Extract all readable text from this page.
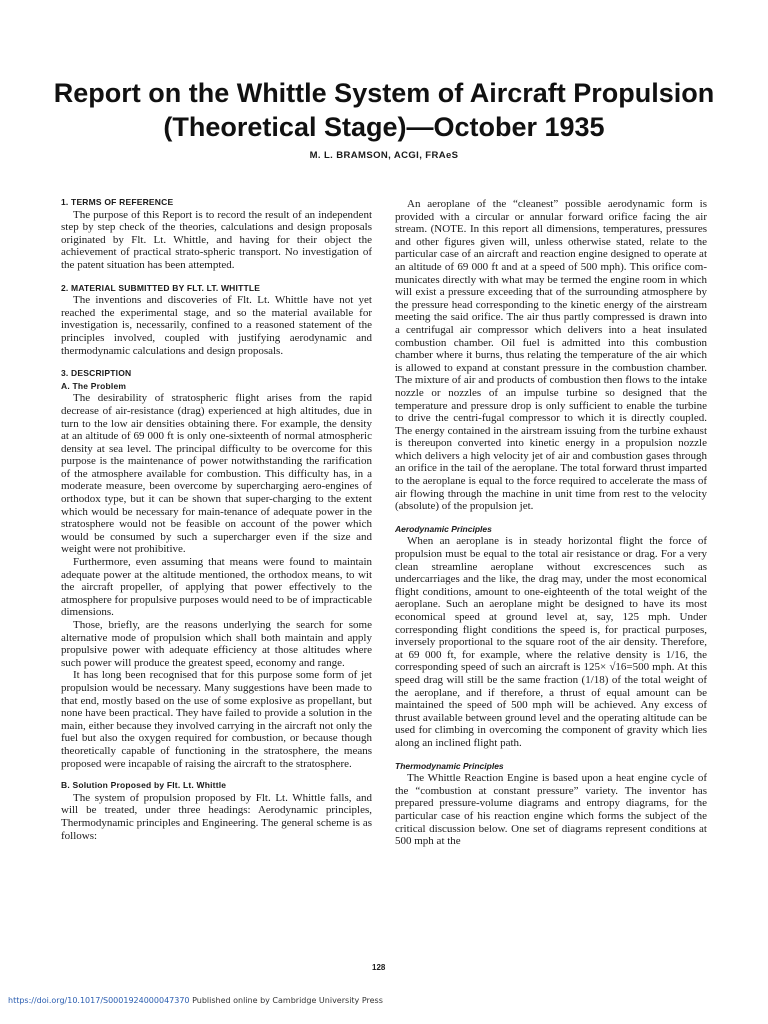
Report on the Whittle System of Aircraft Propulsion (Theoretical Stage)—October 1935

M. L. BRAMSON, ACGI, FRAeS

1. TERMS OF REFERENCE

The purpose of this Report is to record the result of an independent step by step check of the theories, calculations and design proposals originated by Flt. Lt. Whittle, and having for their object the achievement of practical strato-spheric transport. No investigation of the patent situation has been attempted.

2. MATERIAL SUBMITTED BY FLT. LT. WHITTLE

The inventions and discoveries of Flt. Lt. Whittle have not yet reached the experimental stage, and so the material available for investigation is, necessarily, confined to a reasoned statement of the principles involved, coupled with justifying aerodynamic and thermodynamic calculations and design proposals.

3. DESCRIPTION
A. The Problem

The desirability of stratospheric flight arises from the rapid decrease of air-resistance (drag) experienced at high altitudes, due in turn to the low air densities obtaining there. For example, the density at an altitude of 69 000 ft is only one-sixteenth of normal atmospheric density at sea level. The principal difficulty to be overcome for this purpose is the maintenance of power notwithstanding the rarification of the atmosphere available for combustion. This difficulty has, in a moderate measure, been overcome by supercharging aero-engines of orthodox type, but it can be shown that super-charging to the extent which would be necessary for main-tenance of adequate power in the stratosphere would not be feasible on account of the power which would be consumed by such a supercharger even if the size and weight were not prohibitive.

Furthermore, even assuming that means were found to maintain adequate power at the altitude mentioned, the orthodox means, to wit the aircraft propeller, of applying that power effectively to the atmosphere for propulsive purposes would need to be of impracticable dimensions.

Those, briefly, are the reasons underlying the search for some alternative mode of propulsion which shall both maintain and apply propulsive power with adequate efficiency at those altitudes where such power will produce the greatest speed, economy and range.

It has long been recognised that for this purpose some form of jet propulsion would be necessary. Many suggestions have been made to that end, mostly based on the use of some explosive as propellant, but none have been practical. They have failed to provide a solution in the main, either because they involved carrying in the aircraft not only the fuel but also the oxygen required for combustion, or because though theoretically capable of functioning in the stratosphere, the means proposed were incapable of raising the aircraft to the stratosphere.

B. Solution Proposed by Flt. Lt. Whittle

The system of propulsion proposed by Flt. Lt. Whittle falls, and will be treated, under three headings: Aerodynamic principles, Thermodynamic principles and Engineering. The general scheme is as follows:

An aeroplane of the “cleanest” possible aerodynamic form is provided with a circular or annular forward orifice facing the air stream. (NOTE. In this report all dimensions, temperatures, pressures and other figures given will, unless otherwise stated, relate to the particular case of an aircraft and reaction engine designed to operate at an altitude of 69 000 ft and at a speed of 500 mph). This orifice com-municates directly with what may be termed the engine room in which will exist a pressure exceeding that of the surrounding atmosphere by the pressure head corresponding to the kinetic energy of the airstream meeting the said orifice. The air thus partly compressed is drawn into a centrifugal air compressor which delivers into a heat insulated combustion chamber. Oil fuel is admitted into this combustion chamber where it burns, thus relating the temperature of the air which is allowed to expand at constant pressure in the combustion chamber. The mixture of air and products of combustion then flows to the intake nozzle or nozzles of an impulse turbine so designed that the temperature and pressure drop is only sufficient to enable the turbine to drive the centri-fugal compressor to which it is directly coupled. The energy contained in the airstream issuing from the turbine exhaust is thereupon converted into kinetic energy in a propulsion nozzle which delivers a high velocity jet of air and combustion gases through an orifice in the tail of the aeroplane. The total forward thrust imparted to the aeroplane is equal to the force required to accelerate the mass of air flowing through the machine in unit time from rest to the velocity (absolute) of the propulsion jet.

Aerodynamic Principles

When an aeroplane is in steady horizontal flight the force of propulsion must be equal to the total air resistance or drag. For a very clean streamline aeroplane without excrescences such as undercarriages and the like, the drag may, under the most economical flight conditions, amount to one-eighteenth of the total weight of the aeroplane. Such an aeroplane might be designed to have its most economical speed at ground level at, say, 125 mph. Under corresponding flight conditions the speed is, for practical purposes, inversely proportional to the square root of the air density. Therefore, at 69 000 ft, for example, where the relative density is 1/16, the corresponding speed of such an aircraft is 125× √16=500 mph. At this speed drag will still be the same fraction (1/18) of the total weight of the aeroplane, and if therefore, a thrust of equal amount can be maintained the speed of 500 mph will be achieved. Any excess of thrust available between ground level and the operating altitude can be used for climbing in overcoming the component of gravity which lies along an inclined flight path.

Thermodynamic Principles

The Whittle Reaction Engine is based upon a heat engine cycle of the “combustion at constant pressure” variety. The inventor has prepared pressure-volume diagrams and entropy diagrams, for the particular case of his reaction engine which forms the subject of the critical discussion below. One set of diagrams represent conditions at 500 mph at the

128

https://doi.org/10.1017/S0001924000047370 Published online by Cambridge University Press
